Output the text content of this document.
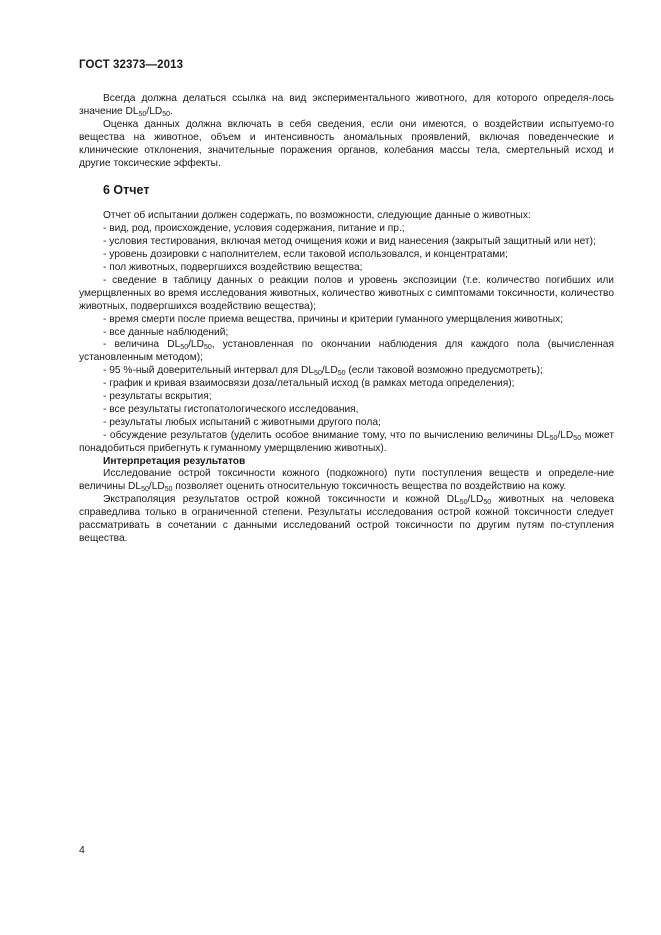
ГОСТ 32373—2013

Всегда должна делаться ссылка на вид экспериментального животного, для которого определя-лось значение $DL_{50}/LD_{50}$.

Оценка данных должна включать в себя сведения, если они имеются, о воздействии испытуемо-го вещества на животное, объем и интенсивность аномальных проявлений, включая поведенческие и клинические отклонения, значительные поражения органов, колебания массы тела, смертельный исход и другие токсические эффекты.

6 Отчет

Отчет об испытании должен содержать, по возможности, следующие данные о животных:

- вид, род, происхождение, условия содержания, питание и пр.;

- условия тестирования, включая метод очищения кожи и вид нанесения (закрытый защитный или нет);

- уровень дозировки с наполнителем, если таковой использовался, и концентратами;

- пол животных, подвергшихся воздействию вещества;

- сведение в таблицу данных о реакции полов и уровень экспозиции (т.е. количество погибших или умерщвленных во время исследования животных, количество животных с симптомами токсичности, количество животных, подвергшихся воздействию вещества);

- время смерти после приема вещества, причины и критерии гуманного умерщвления животных;

- все данные наблюдений;

- величина $DL_{50}/LD_{50}$, установленная по окончании наблюдения для каждого пола (вычисленная установленным методом);

- 95 %-ный доверительный интервал для $DL_{50}/LD_{50}$ (если таковой возможно предусмотреть);

- график и кривая взаимосвязи доза/летальный исход (в рамках метода определения);

- результаты вскрытия;

- все результаты гистопатологического исследования,

- результаты любых испытаний с животными другого пола;

- обсуждение результатов (уделить особое внимание тому, что по вычислению величины $DL_{50}/LD_{50}$ может понадобиться прибегнуть к гуманному умерщвлению животных).

Интерпретация результатов

Исследование острой токсичности кожного (подкожного) пути поступления веществ и определе-ние величины $DL_{50}/LD_{50}$ позволяет оценить относительную токсичность вещества по воздействию на кожу.

Экстраполяция результатов острой кожной токсичности и кожной $DL_{50}/LD_{50}$ животных на человека справедлива только в ограниченной степени. Результаты исследования острой кожной токсичности следует рассматривать в сочетании с данными исследований острой токсичности по другим путям по-ступления вещества.

4
